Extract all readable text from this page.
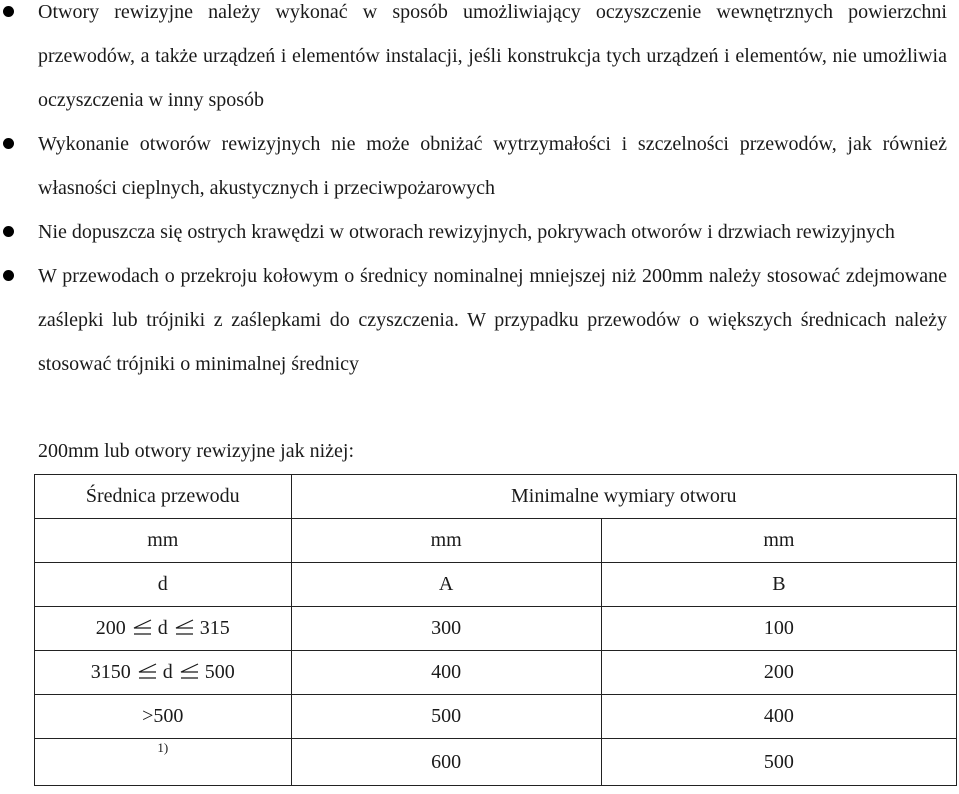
Otwory rewizyjne należy wykonać w sposób umożliwiający oczyszczenie wewnętrznych powierzchni przewodów, a także urządzeń i elementów instalacji, jeśli konstrukcja tych urządzeń i elementów, nie umożliwia oczyszczenia w inny sposób
Wykonanie otworów rewizyjnych nie może obniżać wytrzymałości i szczelności przewodów, jak również własności cieplnych, akustycznych i przeciwpożarowych
Nie dopuszcza się ostrych krawędzi w otworach rewizyjnych, pokrywach otworów i drzwiach rewizyjnych
W przewodach o przekroju kołowym o średnicy nominalnej mniejszej niż 200mm należy stosować zdejmowane zaślepki lub trójniki z zaślepkami do czyszczenia. W przypadku przewodów o większych średnicach należy stosować trójniki o minimalnej średnicy
200mm lub otwory rewizyjne jak niżej:
Średnica przewodu	Minimalne wymiary otworu	
mm	mm	mm
d	A	B
200 d 315	300	100
3150 d 500	400	200
>500	500	400
$^{1)}$	600	500
